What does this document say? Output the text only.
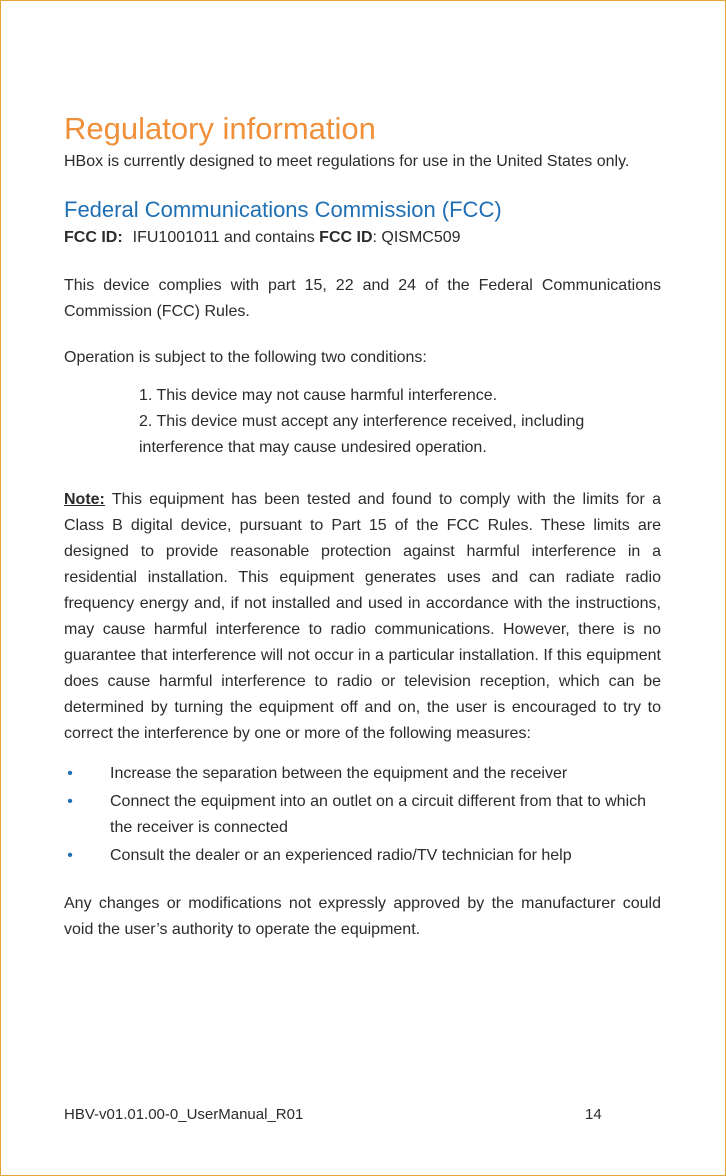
Regulatory information

HBox is currently designed to meet regulations for use in the United States only.

Federal Communications Commission (FCC)

FCC ID: IFU1001011 and contains FCC ID: QISMC509

This device complies with part 15, 22 and 24 of the Federal Communications Commission (FCC) Rules.

Operation is subject to the following two conditions:

1. This device may not cause harmful interference.
2. This device must accept any interference received, including interference that may cause undesired operation.

Note: This equipment has been tested and found to comply with the limits for a Class B digital device, pursuant to Part 15 of the FCC Rules. These limits are designed to provide reasonable protection against harmful interference in a residential installation. This equipment generates uses and can radiate radio frequency energy and, if not installed and used in accordance with the instructions, may cause harmful interference to radio communications. However, there is no guarantee that interference will not occur in a particular installation. If this equipment does cause harmful interference to radio or television reception, which can be determined by turning the equipment off and on, the user is encouraged to try to correct the interference by one or more of the following measures:

• Increase the separation between the equipment and the receiver
• Connect the equipment into an outlet on a circuit different from that to which the receiver is connected
• Consult the dealer or an experienced radio/TV technician for help

Any changes or modifications not expressly approved by the manufacturer could void the user’s authority to operate the equipment.

HBV-v01.01.00-0_UserManual_R01	14
